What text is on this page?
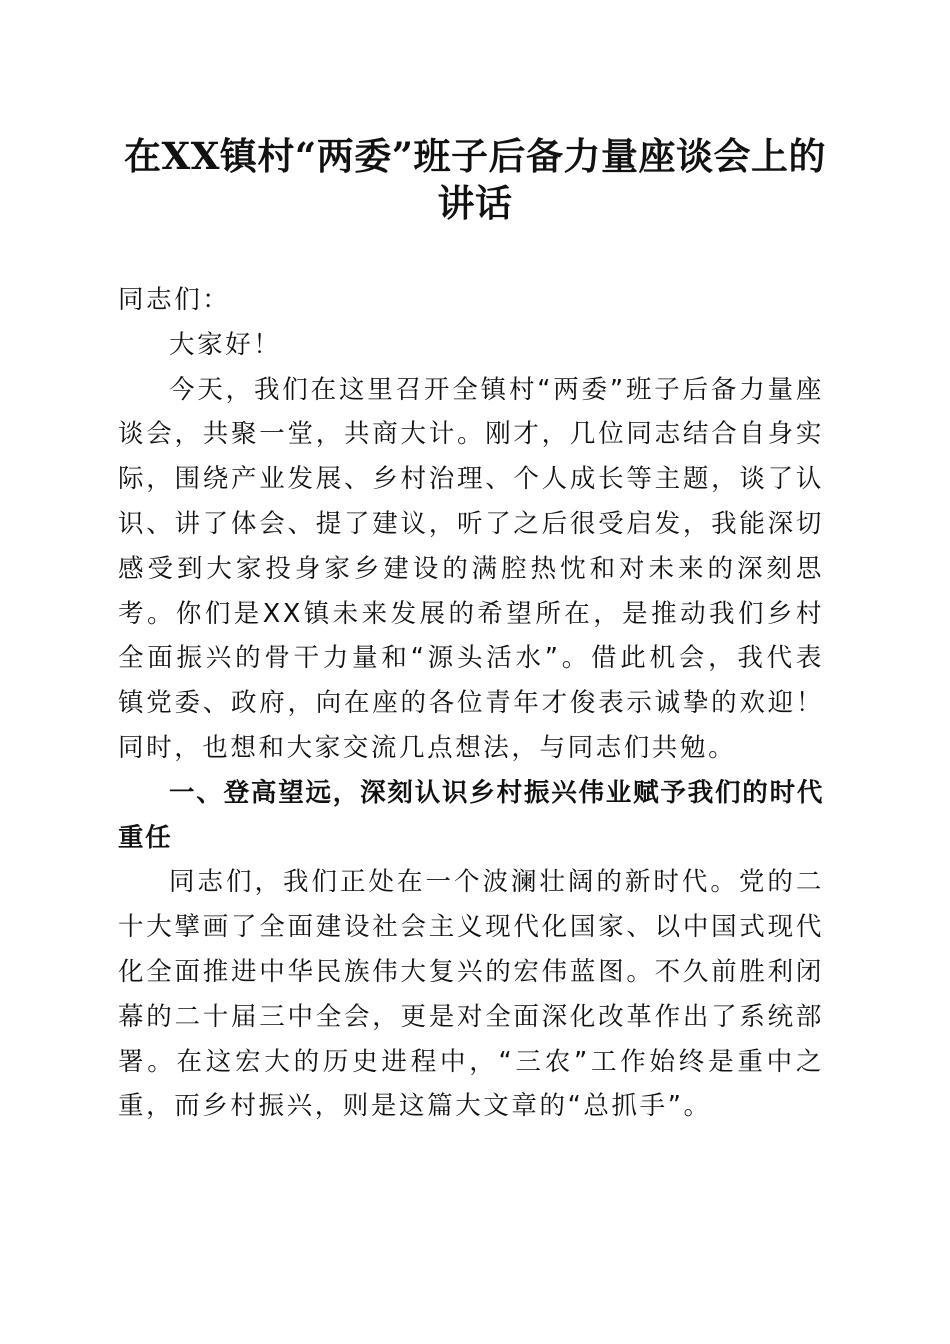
在XX镇村“两委”班子后备力量座谈会上的
讲话

同志们：

大家好！

今天，我们在这里召开全镇村“两委”班子后备力量座谈会，共聚一堂，共商大计。刚才，几位同志结合自身实际，围绕产业发展、乡村治理、个人成长等主题，谈了认识、讲了体会、提了建议，听了之后很受启发，我能深切感受到大家投身家乡建设的满腔热忱和对未来的深刻思考。你们是XX镇未来发展的希望所在，是推动我们乡村全面振兴的骨干力量和“源头活水”。借此机会，我代表镇党委、政府，向在座的各位青年才俊表示诚挚的欢迎！同时，也想和大家交流几点想法，与同志们共勉。

一、登高望远，深刻认识乡村振兴伟业赋予我们的时代重任

同志们，我们正处在一个波澜壮阔的新时代。党的二十大擘画了全面建设社会主义现代化国家、以中国式现代化全面推进中华民族伟大复兴的宏伟蓝图。不久前胜利闭幕的二十届三中全会，更是对全面深化改革作出了系统部署。在这宏大的历史进程中，“三农”工作始终是重中之重，而乡村振兴，则是这篇大文章的“总抓手”。
